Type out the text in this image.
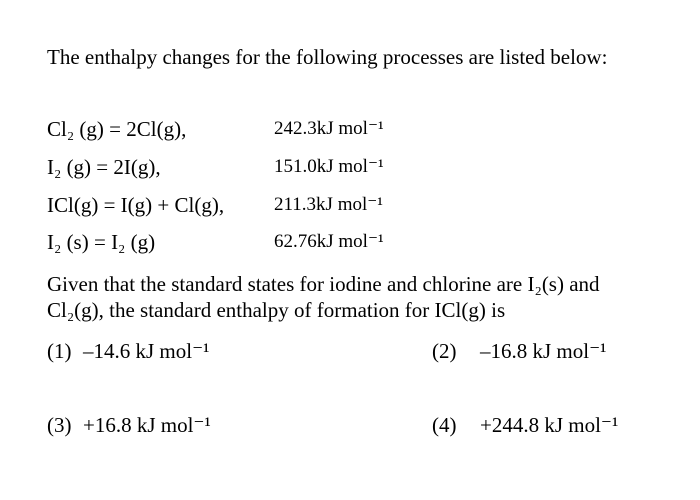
The enthalpy changes for the following processes are listed below:
Cl₂ (g) = 2Cl(g),	242.3kJ mol⁻¹
I₂ (g) = 2I(g),	151.0kJ mol⁻¹
ICl(g) = I(g) + Cl(g),	211.3kJ mol⁻¹
I₂ (s) = I₂ (g)	62.76kJ mol⁻¹
Given that the standard states for iodine and chlorine are I₂(s) and Cl₂(g), the standard enthalpy of formation for ICl(g) is
(1) –14.6 kJ mol⁻¹	(2) –16.8 kJ mol⁻¹
(3) +16.8 kJ mol⁻¹	(4) +244.8 kJ mol⁻¹
